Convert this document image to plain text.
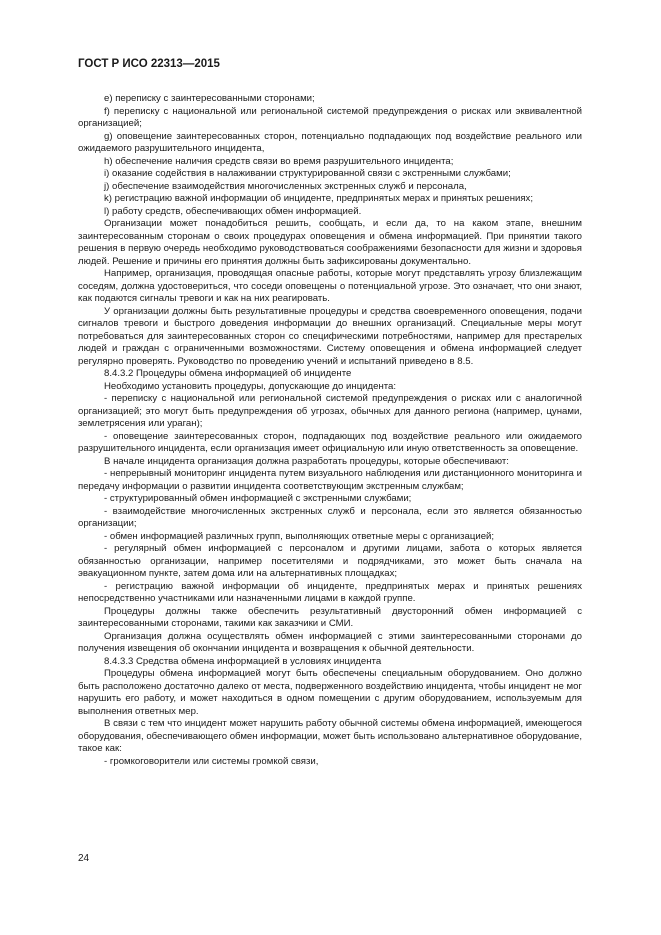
ГОСТ Р ИСО 22313—2015

e) переписку с заинтересованными сторонами;

f) переписку с национальной или региональной системой предупреждения о рисках или эквивалентной организацией;

g) оповещение заинтересованных сторон, потенциально подпадающих под воздействие реального или ожидаемого разрушительного инцидента,

h) обеспечение наличия средств связи во время разрушительного инцидента;

i) оказание содействия в налаживании структурированной связи с экстренными службами;

j) обеспечение взаимодействия многочисленных экстренных служб и персонала,

k) регистрацию важной информации об инциденте, предпринятых мерах и принятых решениях;

l) работу средств, обеспечивающих обмен информацией.

Организации может понадобиться решить, сообщать, и если да, то на каком этапе, внешним заинтересованным сторонам о своих процедурах оповещения и обмена информацией. При принятии такого решения в первую очередь необходимо руководствоваться соображениями безопасности для жизни и здоровья людей. Решение и причины его принятия должны быть зафиксированы документально.

Например, организация, проводящая опасные работы, которые могут представлять угрозу близлежащим соседям, должна удостовериться, что соседи оповещены о потенциальной угрозе. Это означает, что они знают, как подаются сигналы тревоги и как на них реагировать.

У организации должны быть результативные процедуры и средства своевременного оповещения, подачи сигналов тревоги и быстрого доведения информации до внешних организаций. Специальные меры могут потребоваться для заинтересованных сторон со специфическими потребностями, например для престарелых людей и граждан с ограниченными возможностями. Систему оповещения и обмена информацией следует регулярно проверять. Руководство по проведению учений и испытаний приведено в 8.5.

8.4.3.2 Процедуры обмена информацией об инциденте

Необходимо установить процедуры, допускающие до инцидента:

- переписку с национальной или региональной системой предупреждения о рисках или с аналогичной организацией; это могут быть предупреждения об угрозах, обычных для данного региона (например, цунами, землетрясения или ураган);

- оповещение заинтересованных сторон, подпадающих под воздействие реального или ожидаемого разрушительного инцидента, если организация имеет официальную или иную ответственность за оповещение.

В начале инцидента организация должна разработать процедуры, которые обеспечивают:

- непрерывный мониторинг инцидента путем визуального наблюдения или дистанционного мониторинга и передачу информации о развитии инцидента соответствующим экстренным службам;

- структурированный обмен информацией с экстренными службами;

- взаимодействие многочисленных экстренных служб и персонала, если это является обязанностью организации;

- обмен информацией различных групп, выполняющих ответные меры с организацией;

- регулярный обмен информацией с персоналом и другими лицами, забота о которых является обязанностью организации, например посетителями и подрядчиками, это может быть сначала на эвакуационном пункте, затем дома или на альтернативных площадках;

- регистрацию важной информации об инциденте, предпринятых мерах и принятых решениях непосредственно участниками или назначенными лицами в каждой группе.

Процедуры должны также обеспечить результативный двусторонний обмен информацией с заинтересованными сторонами, такими как заказчики и СМИ.

Организация должна осуществлять обмен информацией с этими заинтересованными сторонами до получения извещения об окончании инцидента и возвращения к обычной деятельности.

8.4.3.3 Средства обмена информацией в условиях инцидента

Процедуры обмена информацией могут быть обеспечены специальным оборудованием. Оно должно быть расположено достаточно далеко от места, подверженного воздействию инцидента, чтобы инцидент не мог нарушить его работу, и может находиться в одном помещении с другим оборудованием, используемым для выполнения ответных мер.

В связи с тем что инцидент может нарушить работу обычной системы обмена информацией, имеющегося оборудования, обеспечивающего обмен информации, может быть использовано альтернативное оборудование, такое как:

- громкоговорители или системы громкой связи,

24
